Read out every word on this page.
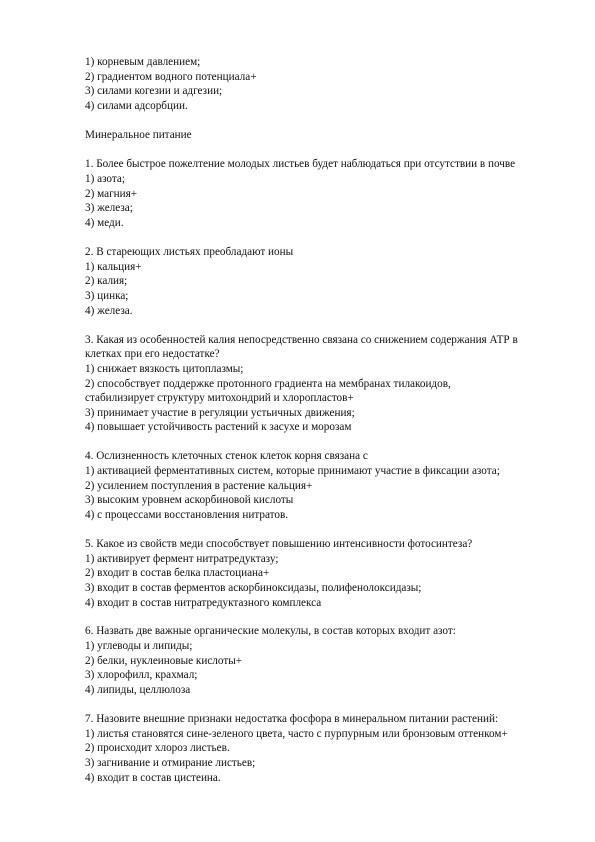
1) корневым давлением;
2) градиентом водного потенциала+
3) силами когезии и адгезии;
4) силами адсорбции.
Минеральное питание
1. Более быстрое пожелтение молодых листьев будет наблюдаться при отсутствии в почве
1) азота;
2) магния+
3) железа;
4) меди.
2. В стареющих листьях преобладают ионы
1) кальция+
2) калия;
3) цинка;
4) железа.
3. Какая из особенностей калия непосредственно связана со снижением содержания АТР в
клетках при его недостатке?
1) снижает вязкость цитоплазмы;
2) способствует поддержке протонного градиента на мембранах тилакоидов,
стабилизирует структуру митохондрий и хлоропластов+
3) принимает участие в регуляции устьичных движения;
4) повышает устойчивость растений к засухе и морозам
4. Ослизненность клеточных стенок клеток корня связана с
1) активацией ферментативных систем, которые принимают участие в фиксации азота;
2) усилением поступления в растение кальция+
3) высоким уровнем аскорбиновой кислоты
4) с процессами восстановления нитратов.
5. Какое из свойств меди способствует повышению интенсивности фотосинтеза?
1) активирует фермент нитратредуктазу;
2) входит в состав белка пластоциана+
3) входит в состав ферментов аскорбиноксидазы, полифенолоксидазы;
4) входит в состав нитратредуктазного комплекса
6. Назвать две важные органические молекулы, в состав которых входит азот:
1) углеводы и липиды;
2) белки, нуклеиновые кислоты+
3) хлорофилл, крахмал;
4) липиды, целлюлоза
7. Назовите внешние признаки недостатка фосфора в минеральном питании растений:
1) листья становятся сине-зеленого цвета, часто с пурпурным или бронзовым оттенком+
2) происходит хлороз листьев.
3) загнивание и отмирание листьев;
4) входит в состав цистеина.
